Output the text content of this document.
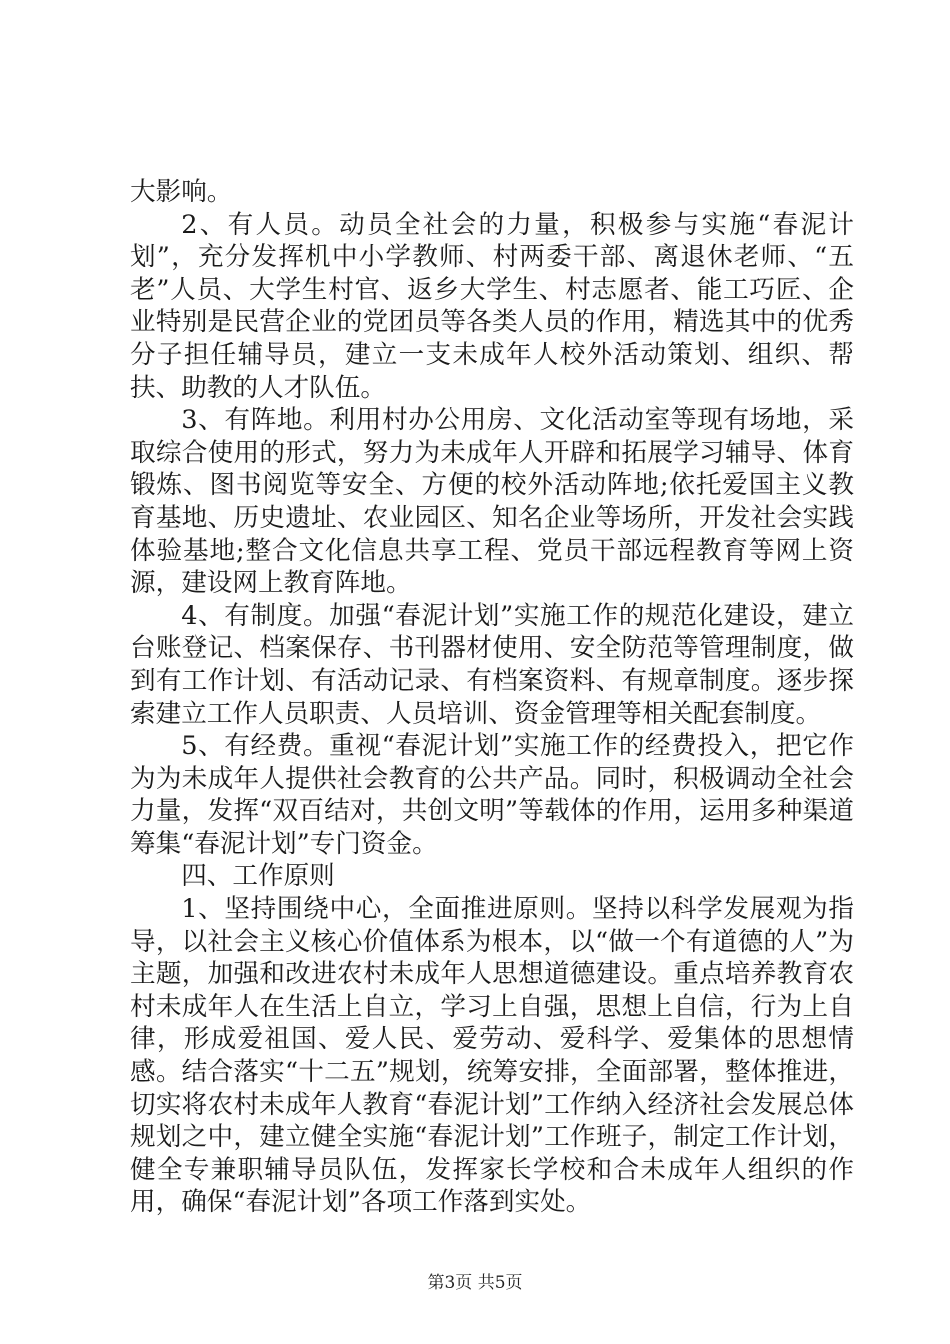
大影响。

2、有人员。动员全社会的力量，积极参与实施“春泥计划”，充分发挥机中小学教师、村两委干部、离退休老师、“五老”人员、大学生村官、返乡大学生、村志愿者、能工巧匠、企业特别是民营企业的党团员等各类人员的作用，精选其中的优秀分子担任辅导员，建立一支未成年人校外活动策划、组织、帮扶、助教的人才队伍。

3、有阵地。利用村办公用房、文化活动室等现有场地，采取综合使用的形式，努力为未成年人开辟和拓展学习辅导、体育锻炼、图书阅览等安全、方便的校外活动阵地;依托爱国主义教育基地、历史遗址、农业园区、知名企业等场所，开发社会实践体验基地;整合文化信息共享工程、党员干部远程教育等网上资源，建设网上教育阵地。

4、有制度。加强“春泥计划”实施工作的规范化建设，建立台账登记、档案保存、书刊器材使用、安全防范等管理制度，做到有工作计划、有活动记录、有档案资料、有规章制度。逐步探索建立工作人员职责、人员培训、资金管理等相关配套制度。

5、有经费。重视“春泥计划”实施工作的经费投入，把它作为为未成年人提供社会教育的公共产品。同时，积极调动全社会力量，发挥“双百结对，共创文明”等载体的作用，运用多种渠道筹集“春泥计划”专门资金。

四、工作原则

1、坚持围绕中心，全面推进原则。坚持以科学发展观为指导，以社会主义核心价值体系为根本，以“做一个有道德的人”为主题，加强和改进农村未成年人思想道德建设。重点培养教育农村未成年人在生活上自立，学习上自强，思想上自信，行为上自律，形成爱祖国、爱人民、爱劳动、爱科学、爱集体的思想情感。结合落实“十二五”规划，统筹安排，全面部署，整体推进，切实将农村未成年人教育“春泥计划”工作纳入经济社会发展总体规划之中，建立健全实施“春泥计划”工作班子，制定工作计划，健全专兼职辅导员队伍，发挥家长学校和合未成年人组织的作用，确保“春泥计划”各项工作落到实处。

第3页 共5页
